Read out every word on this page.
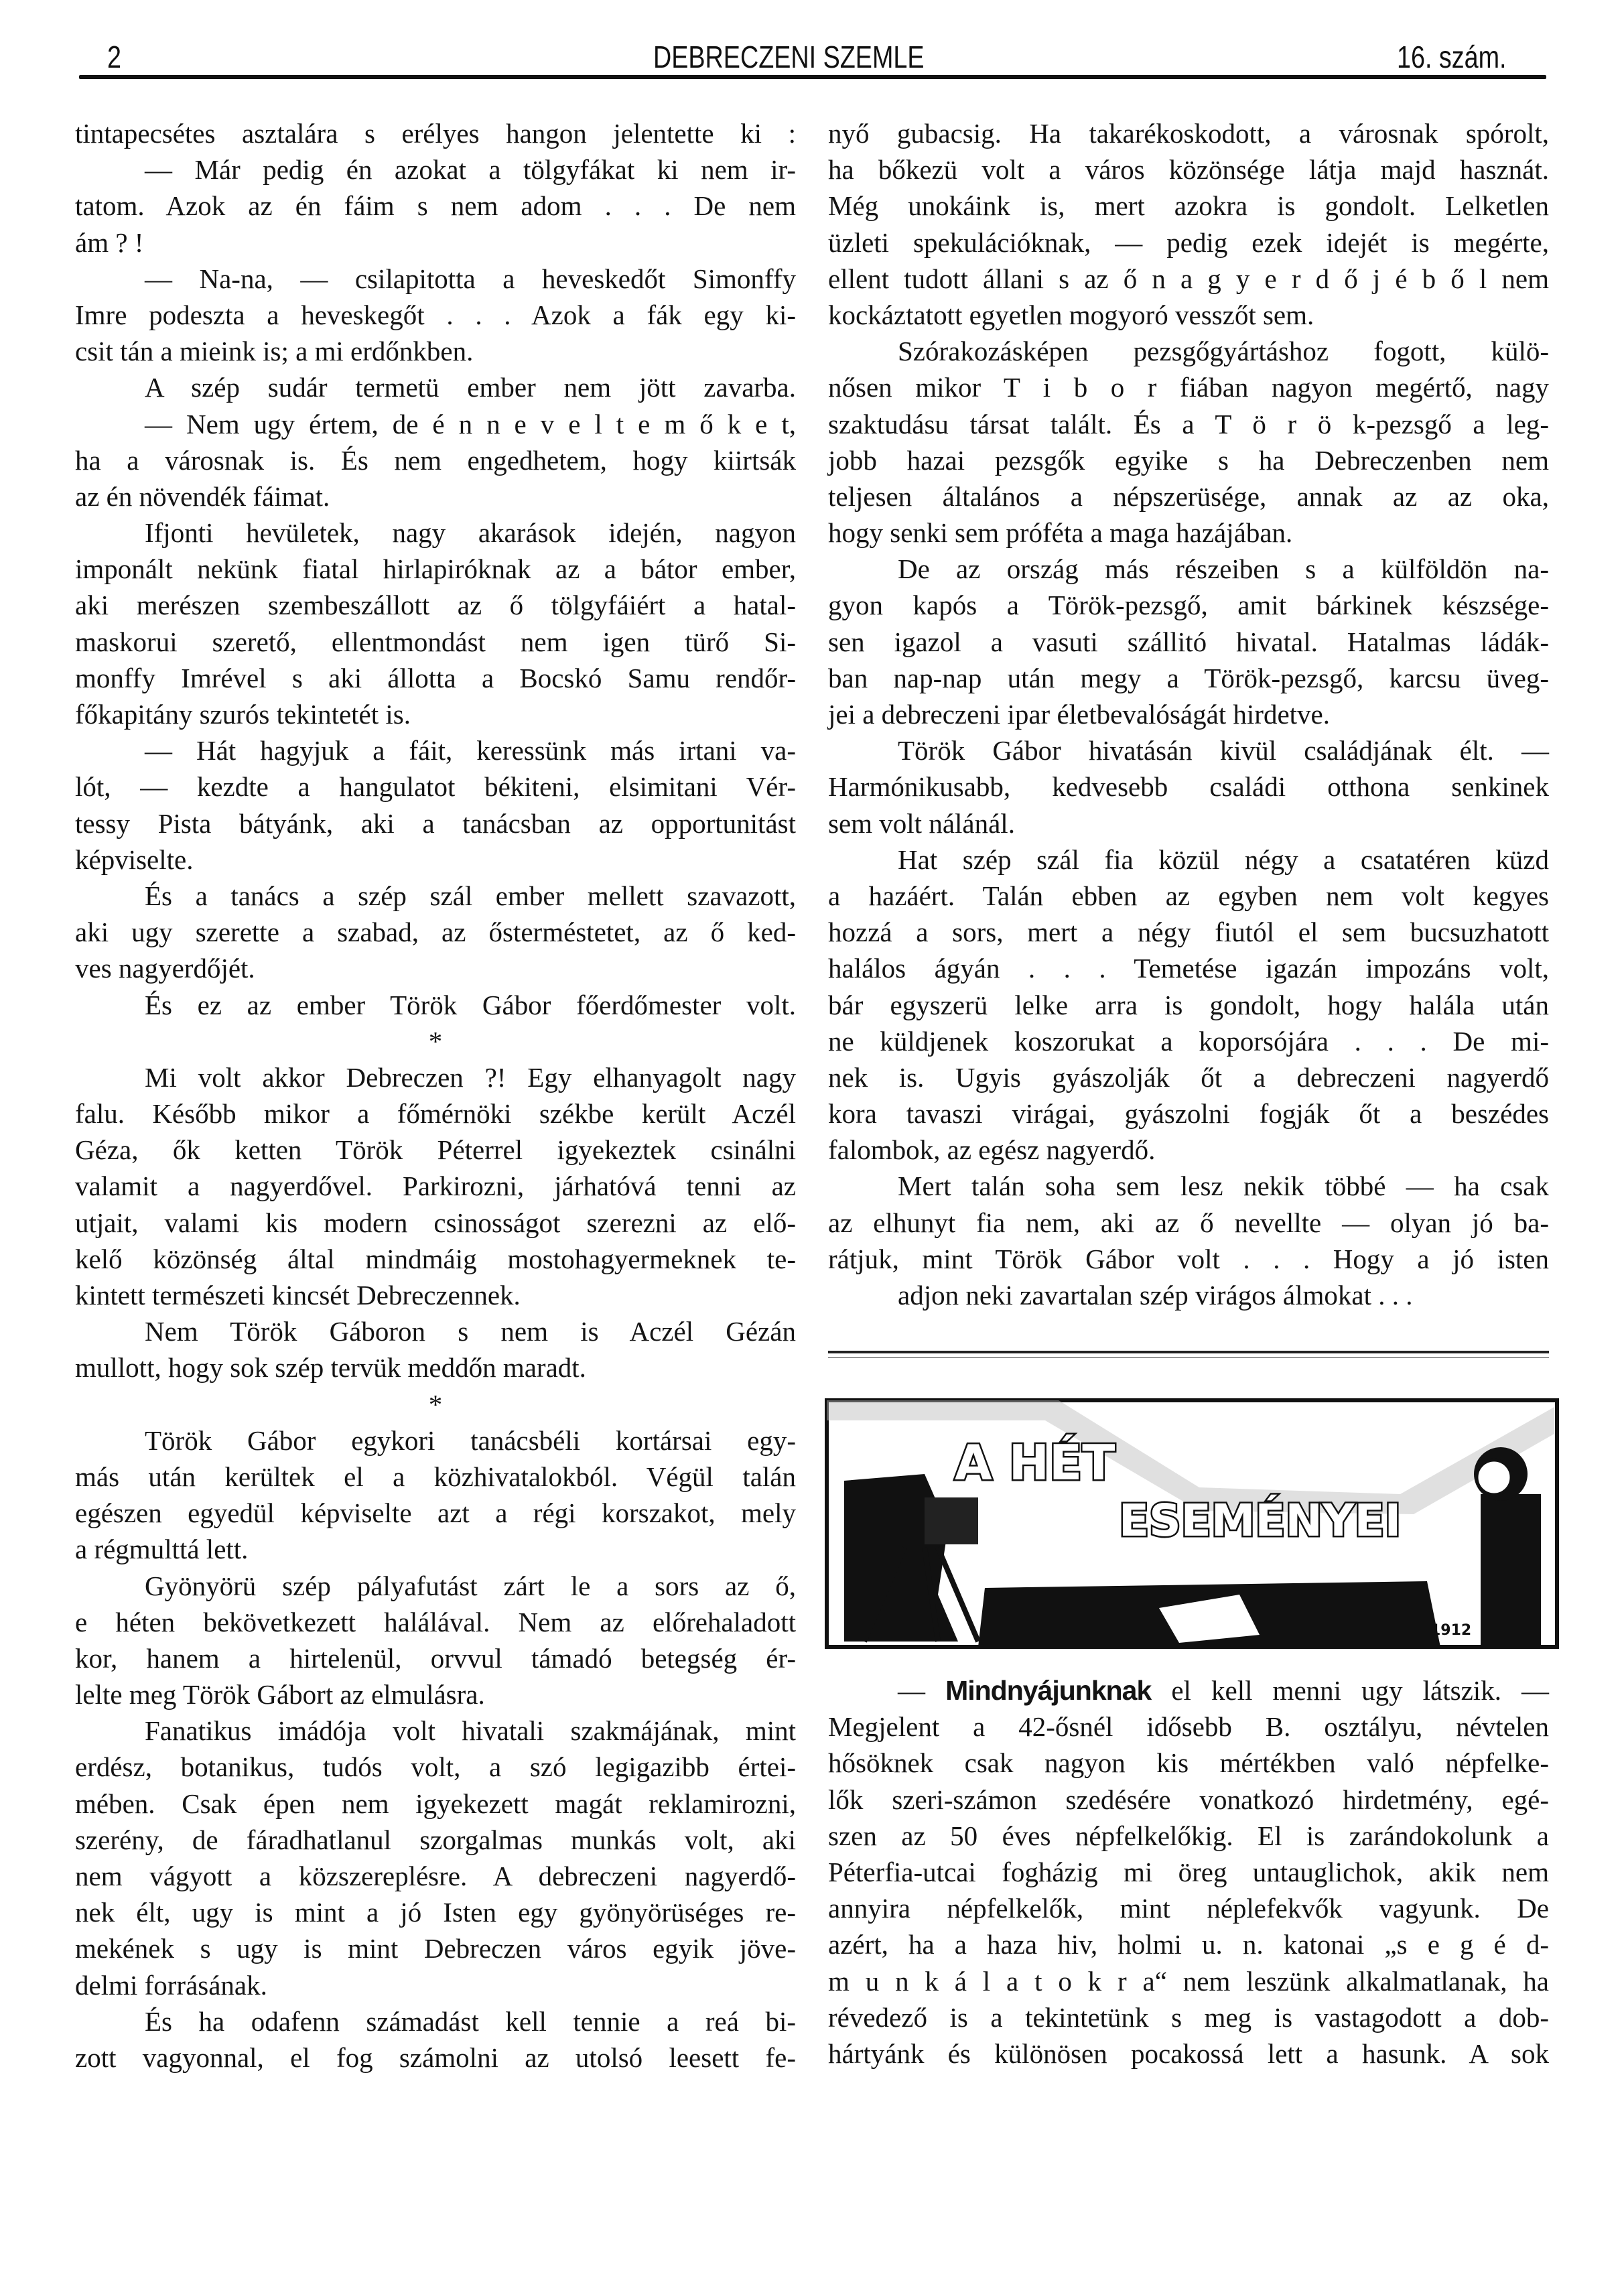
2	DEBRECZENI SZEMLE	16. szám.
tintapecsétes asztalára s erélyes hangon jelentette ki :
— Már pedig én azokat a tölgyfákat ki nem ir-
tatom. Azok az én fáim s nem adom . . . De nem
ám ? !
— Na-na, — csilapitotta a heveskedőt Simonffy
Imre podeszta a heveskegőt . . . Azok a fák egy ki-
csit tán a mieink is; a mi erdőnkben.
A szép sudár termetü ember nem jött zavarba.
— Nem ugy értem, de é n n e v e l t e m ő k e t,
ha a városnak is. És nem engedhetem, hogy kiirtsák
az én növendék fáimat.
Ifjonti hevületek, nagy akarások idején, nagyon
imponált nekünk fiatal hirlapiróknak az a bátor ember,
aki merészen szembeszállott az ő tölgyfáiért a hatal-
maskorui szerető, ellentmondást nem igen türő Si-
monffy Imrével s aki állotta a Bocskó Samu rendőr-
főkapitány szurós tekintetét is.
— Hát hagyjuk a fáit, keressünk más irtani va-
lót, — kezdte a hangulatot békiteni, elsimitani Vér-
tessy Pista bátyánk, aki a tanácsban az opportunitást
képviselte.
És a tanács a szép szál ember mellett szavazott,
aki ugy szerette a szabad, az ősterméstetet, az ő ked-
ves nagyerdőjét.
És ez az ember Török Gábor főerdőmester volt.
*
Mi volt akkor Debreczen ?! Egy elhanyagolt nagy
falu. Később mikor a főmérnöki székbe került Aczél
Géza, ők ketten Török Péterrel igyekeztek csinálni
valamit a nagyerdővel. Parkirozni, járhatóvá tenni az
utjait, valami kis modern csinosságot szerezni az elő-
kelő közönség által mindmáig mostohagyermeknek te-
kintett természeti kincsét Debreczennek.
Nem Török Gáboron s nem is Aczél Gézán
mullott, hogy sok szép tervük meddőn maradt.
*
Török Gábor egykori tanácsbéli kortársai egy-
más után kerültek el a közhivatalokból. Végül talán
egészen egyedül képviselte azt a régi korszakot, mely
a régmulttá lett.
Gyönyörü szép pályafutást zárt le a sors az ő,
e héten bekövetkezett halálával. Nem az előrehaladott
kor, hanem a hirtelenül, orvvul támadó betegség ér-
lelte meg Török Gábort az elmulásra.
Fanatikus imádója volt hivatali szakmájának, mint
erdész, botanikus, tudós volt, a szó legigazibb értei-
mében. Csak épen nem igyekezett magát reklamirozni,
szerény, de fáradhatlanul szorgalmas munkás volt, aki
nem vágyott a közszereplésre. A debreczeni nagyerdő-
nek élt, ugy is mint a jó Isten egy gyönyörüséges re-
mekének s ugy is mint Debreczen város egyik jöve-
delmi forrásának.
És ha odafenn számadást kell tennie a reá bi-
zott vagyonnal, el fog számolni az utolsó leesett fe-
nyő gubacsig. Ha takarékoskodott, a városnak spórolt,
ha bőkezü volt a város közönsége látja majd hasznát.
Még unokáink is, mert azokra is gondolt. Lelketlen
üzleti spekulációknak, — pedig ezek idejét is megérte,
ellent tudott állani s az ő n a g y e r d ő j é b ő l nem
kockáztatott egyetlen mogyoró vesszőt sem.
Szórakozásképen pezsgőgyártáshoz fogott, külö-
nősen mikor T i b o r fiában nagyon megértő, nagy
szaktudásu társat talált. És a T ö r ö k-pezsgő a leg-
jobb hazai pezsgők egyike s ha Debreczenben nem
teljesen általános a népszerüsége, annak az az oka,
hogy senki sem próféta a maga hazájában.
De az ország más részeiben s a külföldön na-
gyon kapós a Török-pezsgő, amit bárkinek készsége-
sen igazol a vasuti szállitó hivatal. Hatalmas ládák-
ban nap-nap után megy a Török-pezsgő, karcsu üveg-
jei a debreczeni ipar életbevalóságát hirdetve.
Török Gábor hivatásán kivül családjának élt. —
Harmónikusabb, kedvesebb családi otthona senkinek
sem volt nálánál.
Hat szép szál fia közül négy a csatatéren küzd
a hazáért. Talán ebben az egyben nem volt kegyes
hozzá a sors, mert a négy fiutól el sem bucsuzhatott
halálos ágyán . . . Temetése igazán impozáns volt,
bár egyszerü lelke arra is gondolt, hogy halála után
ne küldjenek koszorukat a koporsójára . . . De mi-
nek is. Ugyis gyászolják őt a debreczeni nagyerdő
kora tavaszi virágai, gyászolni fogják őt a beszédes
falombok, az egész nagyerdő.
Mert talán soha sem lesz nekik többé — ha csak
az elhunyt fia nem, aki az ő nevellte — olyan jó ba-
rátjuk, mint Török Gábor volt . . . Hogy a jó isten
adjon neki zavartalan szép virágos álmokat . . .
A HÉT
ESEMÉNYEI
1912
— Mindnyájunknak el kell menni ugy látszik. —
Megjelent a 42-ősnél idősebb B. osztályu, névtelen
hősöknek csak nagyon kis mértékben való népfelke-
lők szeri-számon szedésére vonatkozó hirdetmény, egé-
szen az 50 éves népfelkelőkig. El is zarándokolunk a
Péterfia-utcai fogházig mi öreg untauglichok, akik nem
annyira népfelkelők, mint néplefekvők vagyunk. De
azért, ha a haza hiv, holmi u. n. katonai „s e g é d-
m u n k á l a t o k r a“ nem leszünk alkalmatlanak, ha
révedező is a tekintetünk s meg is vastagodott a dob-
hártyánk és különösen pocakossá lett a hasunk. A sok
